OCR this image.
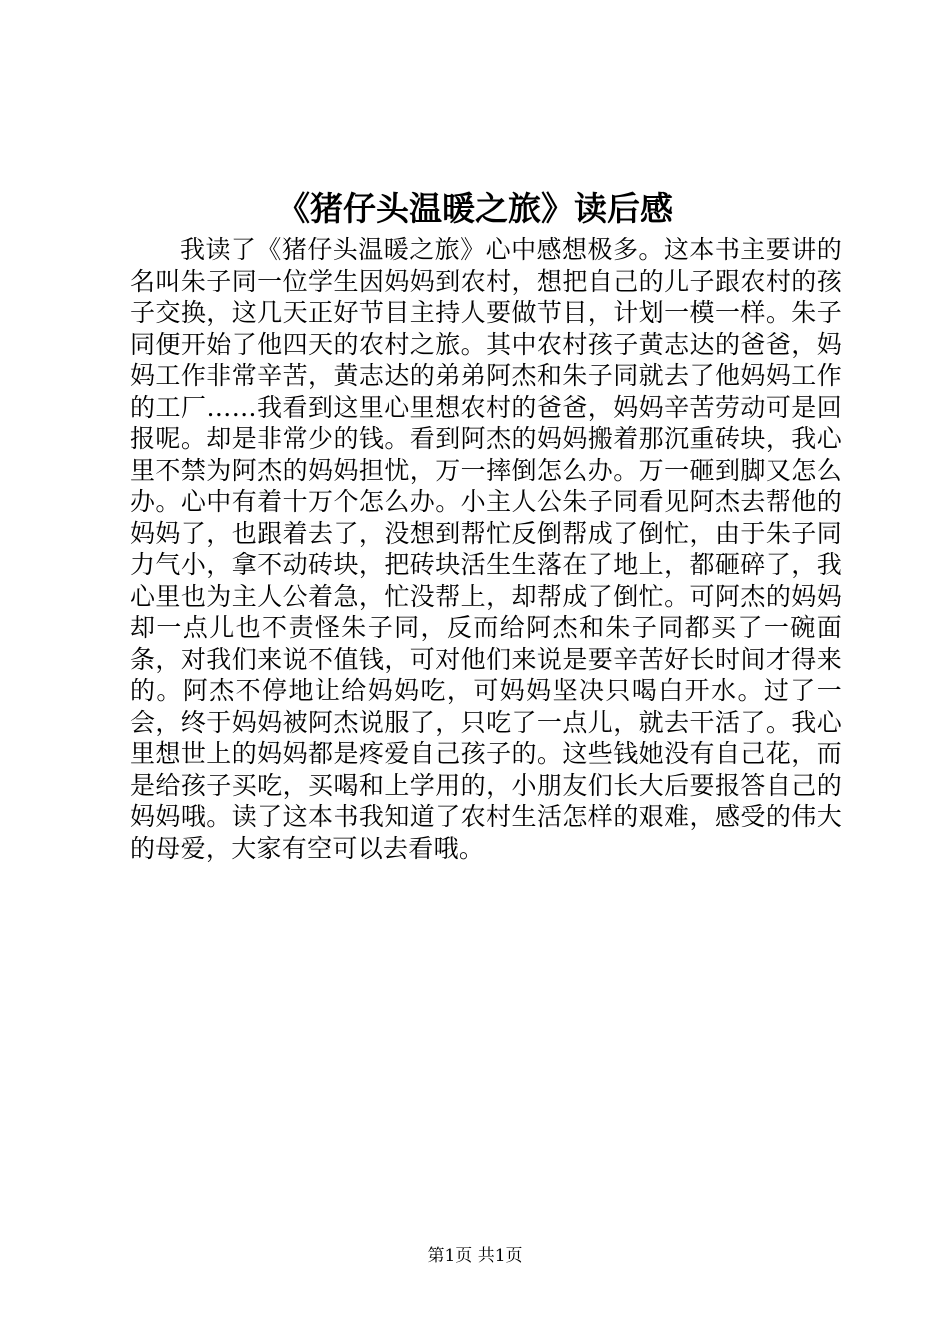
《猪仔头温暖之旅》读后感

我读了《猪仔头温暖之旅》心中感想极多。这本书主要讲的名叫朱子同一位学生因妈妈到农村，想把自己的儿子跟农村的孩子交换，这几天正好节目主持人要做节目，计划一模一样。朱子同便开始了他四天的农村之旅。其中农村孩子黄志达的爸爸，妈妈工作非常辛苦，黄志达的弟弟阿杰和朱子同就去了他妈妈工作的工厂……我看到这里心里想农村的爸爸，妈妈辛苦劳动可是回报呢。却是非常少的钱。看到阿杰的妈妈搬着那沉重砖块，我心里不禁为阿杰的妈妈担忧，万一摔倒怎么办。万一砸到脚又怎么办。心中有着十万个怎么办。小主人公朱子同看见阿杰去帮他的妈妈了，也跟着去了，没想到帮忙反倒帮成了倒忙，由于朱子同力气小，拿不动砖块，把砖块活生生落在了地上，都砸碎了，我心里也为主人公着急，忙没帮上，却帮成了倒忙。可阿杰的妈妈却一点儿也不责怪朱子同，反而给阿杰和朱子同都买了一碗面条，对我们来说不值钱，可对他们来说是要辛苦好长时间才得来的。阿杰不停地让给妈妈吃，可妈妈坚决只喝白开水。过了一会，终于妈妈被阿杰说服了，只吃了一点儿，就去干活了。我心里想世上的妈妈都是疼爱自己孩子的。这些钱她没有自己花，而是给孩子买吃，买喝和上学用的，小朋友们长大后要报答自己的妈妈哦。读了这本书我知道了农村生活怎样的艰难，感受的伟大的母爱，大家有空可以去看哦。

第1页 共1页
